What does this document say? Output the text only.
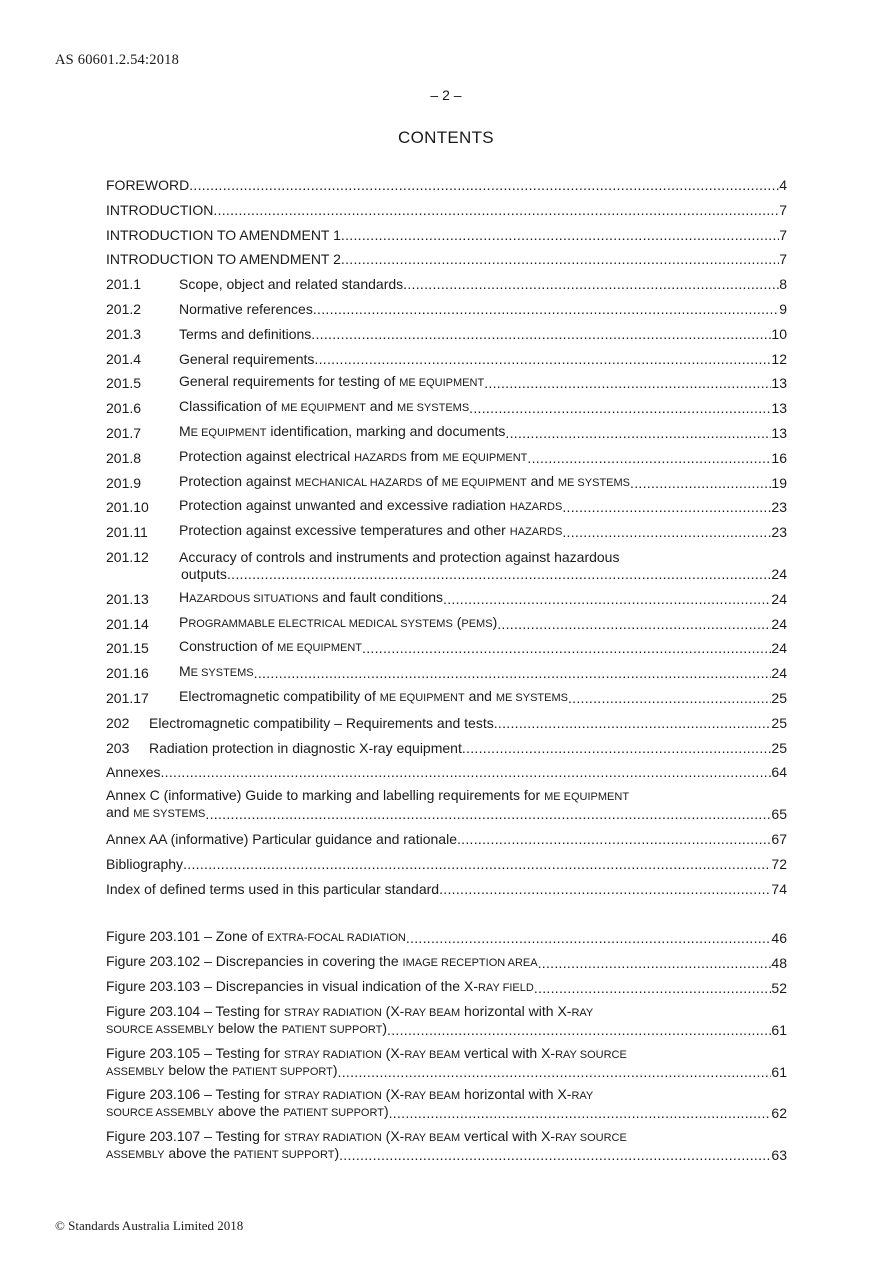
AS 60601.2.54:2018
– 2 –
CONTENTS
FOREWORD .....	4
INTRODUCTION .....	7
INTRODUCTION TO AMENDMENT 1 .....	7
INTRODUCTION TO AMENDMENT 2 .....	7
201.1	Scope, object and related standards .....	8
201.2	Normative references .....	9
201.3	Terms and definitions .....	10
201.4	General requirements .....	12
201.5	General requirements for testing of ME EQUIPMENT .....	13
201.6	Classification of ME EQUIPMENT and ME SYSTEMS .....	13
201.7	ME EQUIPMENT identification, marking and documents .....	13
201.8	Protection against electrical HAZARDS from ME EQUIPMENT .....	16
201.9	Protection against MECHANICAL HAZARDS of ME EQUIPMENT and ME SYSTEMS .....	19
201.10	Protection against unwanted and excessive radiation HAZARDS .....	23
201.11	Protection against excessive temperatures and other HAZARDS .....	23
201.12	Accuracy of controls and instruments and protection against hazardous
outputs .....	24
201.13	HAZARDOUS SITUATIONS and fault conditions .....	24
201.14	PROGRAMMABLE ELECTRICAL MEDICAL SYSTEMS (PEMS) .....	24
201.15	Construction of ME EQUIPMENT .....	24
201.16	ME SYSTEMS .....	24
201.17	Electromagnetic compatibility of ME EQUIPMENT and ME SYSTEMS .....	25
202	Electromagnetic compatibility – Requirements and tests .....	25
203	Radiation protection in diagnostic X-ray equipment .....	25
Annexes .....	64
Annex C (informative) Guide to marking and labelling requirements for ME EQUIPMENT
and ME SYSTEMS .....	65
Annex AA (informative) Particular guidance and rationale .....	67
Bibliography .....	72
Index of defined terms used in this particular standard .....	74
Figure 203.101 – Zone of EXTRA-FOCAL RADIATION .....	46
Figure 203.102 – Discrepancies in covering the IMAGE RECEPTION AREA .....	48
Figure 203.103 – Discrepancies in visual indication of the X-RAY FIELD .....	52
Figure 203.104 – Testing for STRAY RADIATION (X-RAY BEAM horizontal with X-RAY
SOURCE ASSEMBLY below the PATIENT SUPPORT) .....	61
Figure 203.105 – Testing for STRAY RADIATION (X-RAY BEAM vertical with X-RAY SOURCE
ASSEMBLY below the PATIENT SUPPORT) .....	61
Figure 203.106 – Testing for STRAY RADIATION (X-RAY BEAM horizontal with X-RAY
SOURCE ASSEMBLY above the PATIENT SUPPORT) .....	62
Figure 203.107 – Testing for STRAY RADIATION (X-RAY BEAM vertical with X-RAY SOURCE
ASSEMBLY above the PATIENT SUPPORT) .....	63
© Standards Australia Limited 2018
